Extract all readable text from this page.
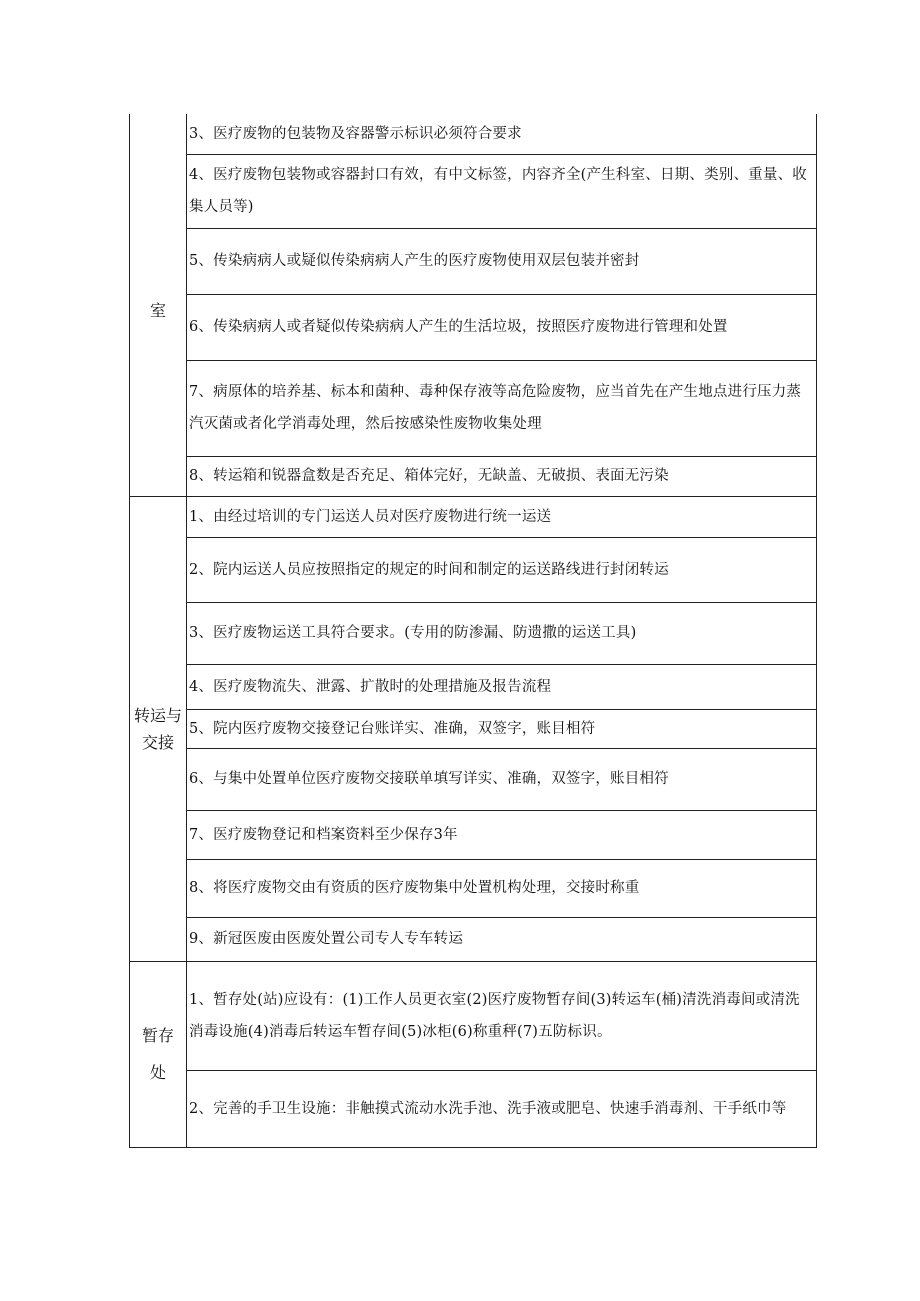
室	3、医疗废物的包装物及容器警示标识必须符合要求
	4、医疗废物包装物或容器封口有效，有中文标签，内容齐全(产生科室、日期、类别、重量、收集人员等)
	5、传染病病人或疑似传染病病人产生的医疗废物使用双层包装并密封
	6、传染病病人或者疑似传染病病人产生的生活垃圾，按照医疗废物进行管理和处置
	7、病原体的培养基、标本和菌种、毒种保存液等高危险废物，应当首先在产生地点进行压力蒸汽灭菌或者化学消毒处理，然后按感染性废物收集处理
	8、转运箱和锐器盒数是否充足、箱体完好，无缺盖、无破损、表面无污染

转运与
交接	1、由经过培训的专门运送人员对医疗废物进行统一运送
	2、院内运送人员应按照指定的规定的时间和制定的运送路线进行封闭转运
	3、医疗废物运送工具符合要求。(专用的防渗漏、防遗撒的运送工具)
	4、医疗废物流失、泄露、扩散时的处理措施及报告流程
	5、院内医疗废物交接登记台账详实、准确，双签字，账目相符
	6、与集中处置单位医疗废物交接联单填写详实、准确，双签字，账目相符
	7、医疗废物登记和档案资料至少保存3年
	8、将医疗废物交由有资质的医疗废物集中处置机构处理，交接时称重
	9、新冠医废由医废处置公司专人专车转运

暂存
处	1、暂存处(站)应设有：(1)工作人员更衣室(2)医疗废物暂存间(3)转运车(桶)清洗消毒间或清洗消毒设施(4)消毒后转运车暂存间(5)冰柜(6)称重秤(7)五防标识。
	2、完善的手卫生设施：非触摸式流动水洗手池、洗手液或肥皂、快速手消毒剂、干手纸巾等
